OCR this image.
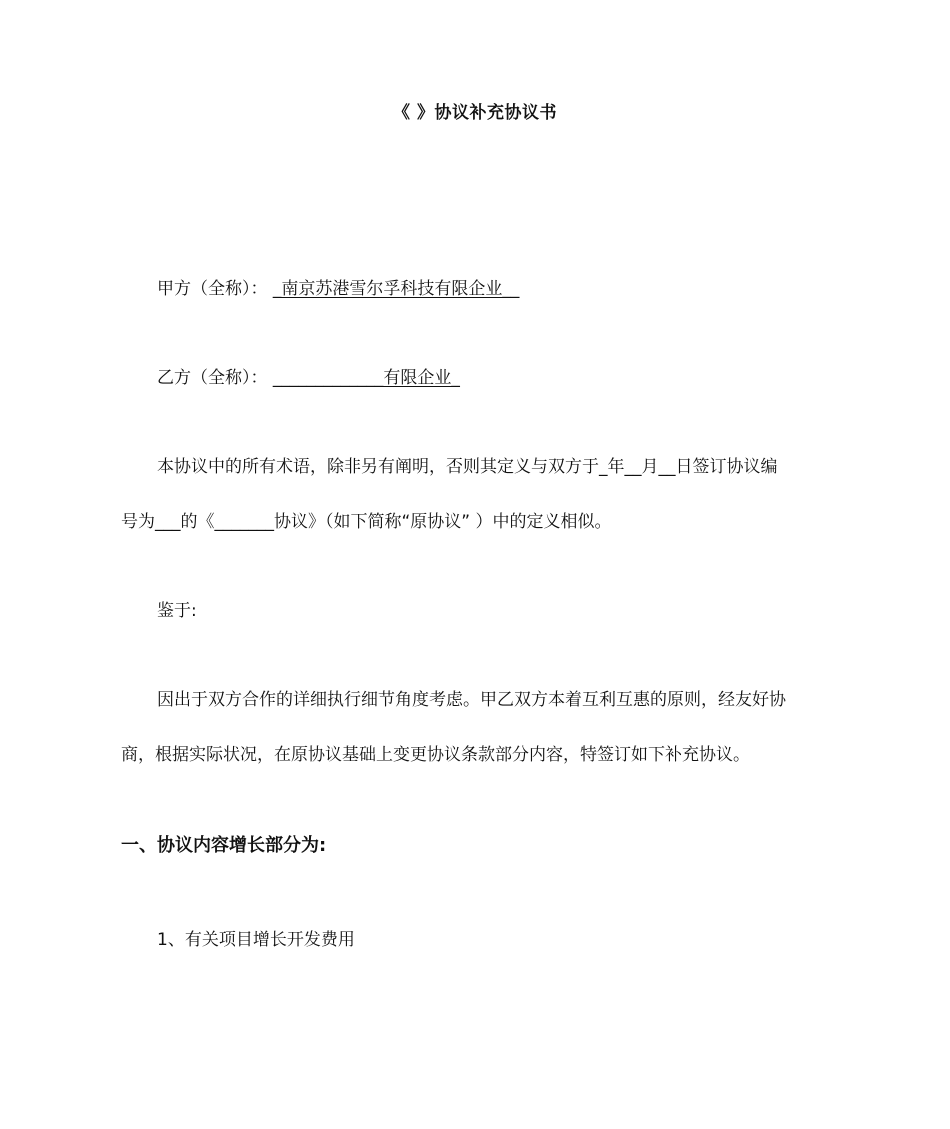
《 》协议补充协议书
甲方（全称）： _南京苏港雪尔孚科技有限企业__
乙方（全称）： _____________有限企业_
本协议中的所有术语，除非另有阐明，否则其定义与双方于_年__月__日签订协议编
号为___的《_______协议》（如下简称“原协议” ）中的定义相似。
鉴于:
因出于双方合作的详细执行细节角度考虑。甲乙双方本着互利互惠的原则，经友好协
商，根据实际状况，在原协议基础上变更协议条款部分内容，特签订如下补充协议。
一、协议内容增长部分为:
1、有关项目增长开发费用
